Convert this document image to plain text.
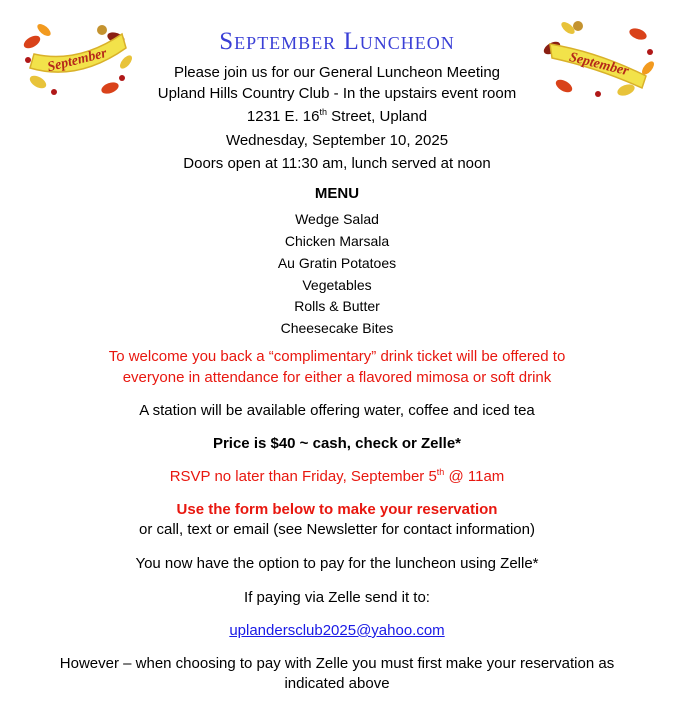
September	September
September Luncheon
Please join us for our General Luncheon Meeting
Upland Hills Country Club - In the upstairs event room
1231 E. 16th Street, Upland
Wednesday, September 10, 2025
Doors open at 11:30 am, lunch served at noon
MENU
Wedge Salad
Chicken Marsala
Au Gratin Potatoes
Vegetables
Rolls & Butter
Cheesecake Bites
To welcome you back a “complimentary” drink ticket will be offered to
everyone in attendance for either a flavored mimosa or soft drink
A station will be available offering water, coffee and iced tea
Price is $40 ~ cash, check or Zelle*
RSVP no later than Friday, September 5th @ 11am
Use the form below to make your reservation
or call, text or email (see Newsletter for contact information)
You now have the option to pay for the luncheon using Zelle*
If paying via Zelle send it to:
uplandersclub2025@yahoo.com
However – when choosing to pay with Zelle you must first make your reservation as
indicated above
